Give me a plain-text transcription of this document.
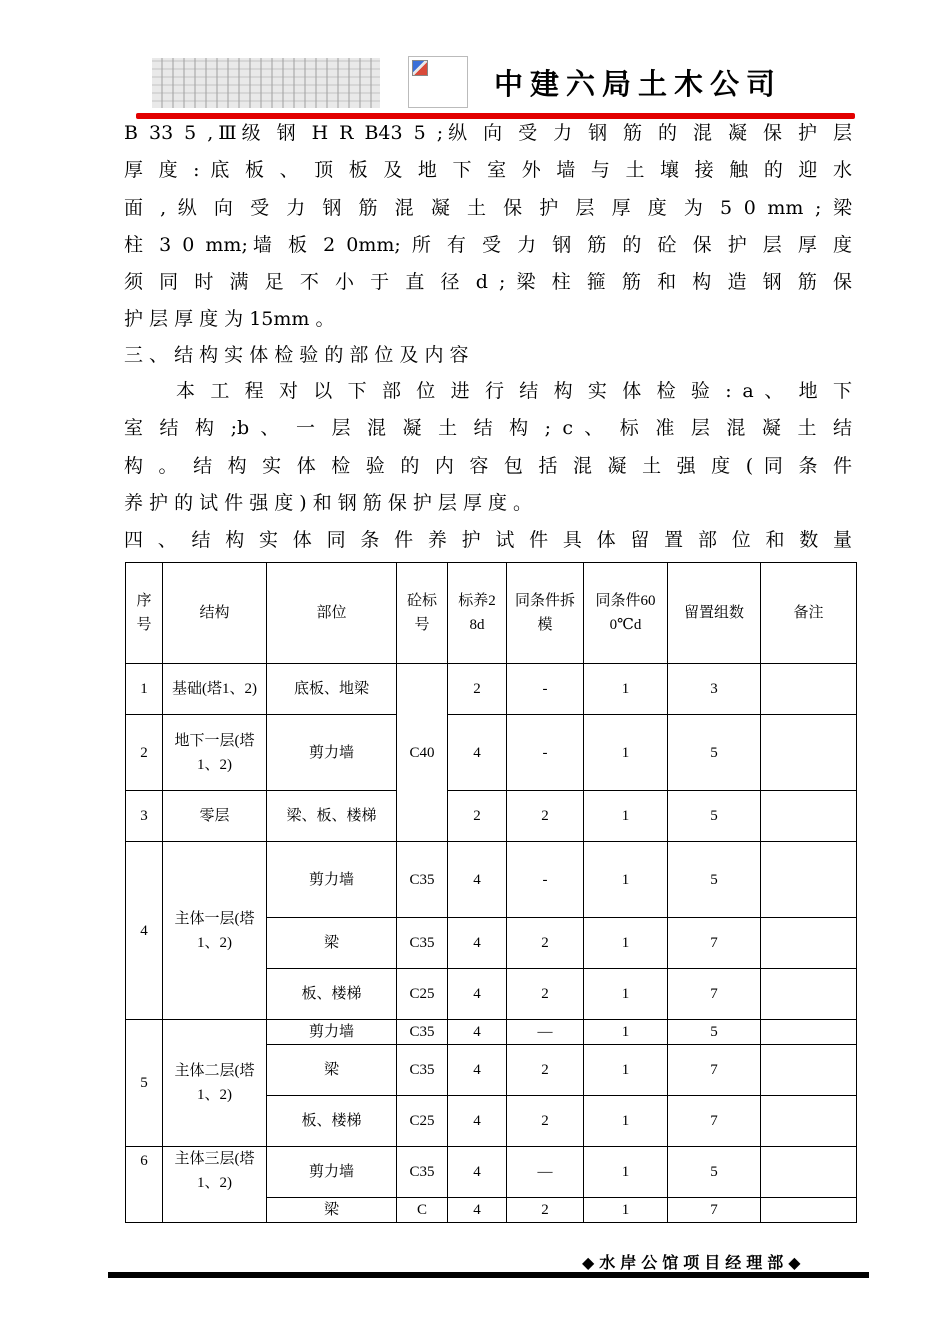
中建六局土木公司
B 33 5 ,Ⅲ级 钢 H R B43 5 ;纵 向 受 力 钢 筋 的 混 凝 保 护 层
厚 度 : 底 板 、 顶 板 及 地 下 室 外 墙 与 土 壤 接 触 的 迎 水
面 , 纵 向 受 力 钢 筋 混 凝 土 保 护 层 厚 度 为 5 0 mm ; 梁
柱 3 0 mm;墙 板 2 0mm; 所 有 受 力 钢 筋 的 砼 保 护 层 厚 度
须 同 时 满 足 不 小 于 直 径 d ; 梁 柱 箍 筋 和 构 造 钢 筋 保
护 层 厚 度 为 15mm 。
三 、 结 构 实 体 检 验 的 部 位 及 内 容
本 工 程 对 以 下 部 位 进 行 结 构 实 体 检 验 : a 、 地 下
室 结 构 ;b 、 一 层 混 凝 土 结 构 ; c 、 标 准 层 混 凝 土 结
构 。 结 构 实 体 检 验 的 内 容 包 括 混 凝 土 强 度 ( 同 条 件
养 护 的 试 件 强 度 ) 和 钢 筋 保 护 层 厚 度 。
四 、 结 构 实 体 同 条 件 养 护 试 件 具 体 留 置 部 位 和 数 量
序号	结构	部位	砼标号	标养28d	同条件拆模	同条件600℃d	留置组数	备注
1	基础(塔1、2)	底板、地梁	C40	2	-	1	3	
2	地下一层(塔1、2)	剪力墙		4	-	1	5	
3	零层	梁、板、楼梯		2	2	1	5	
4	主体一层(塔1、2)	剪力墙	C35	4	-	1	5	
		梁	C35	4	2	1	7	
		板、楼梯	C25	4	2	1	7	
5	主体二层(塔1、2)	剪力墙	C35	4	—	1	5	
		梁	C35	4	2	1	7	
		板、楼梯	C25	4	2	1	7	
6	主体三层(塔1、2)	剪力墙	C35	4	—	1	5	
		梁	C	4	2	1	7	
◆水岸公馆项目经理部◆
